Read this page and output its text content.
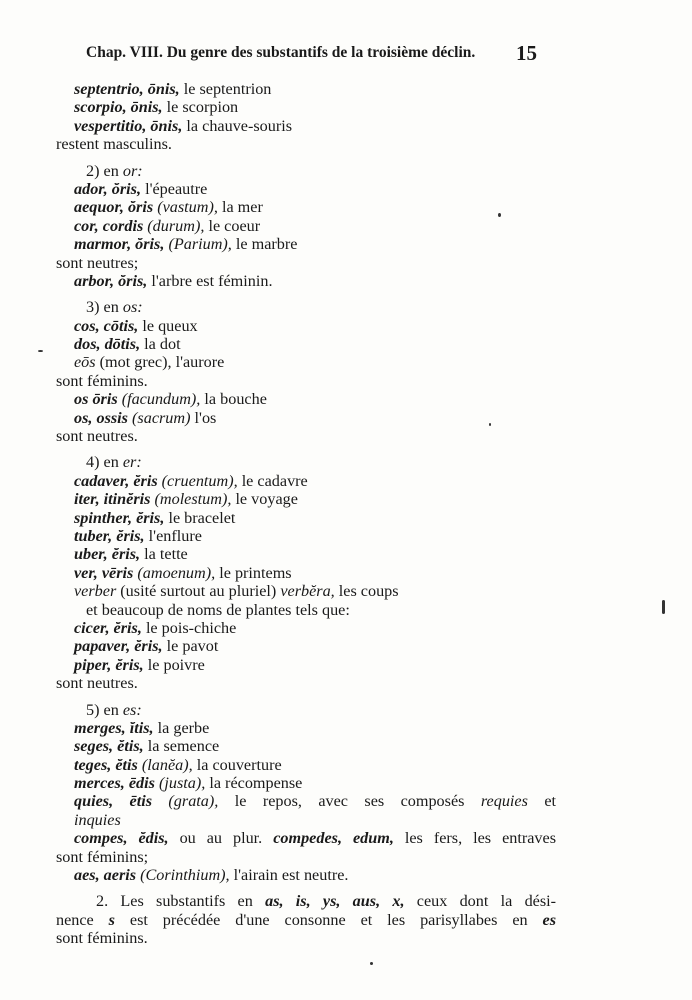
Chap. VIII. Du genre des substantifs de la troisième déclin. 15
septentrio, ōnis, le septentrion
scorpio, ōnis, le scorpion
vespertitio, ōnis, la chauve-souris
restent masculins.
2) en or:
ador, ŏris, l'épeautre
aequor, ŏris (vastum), la mer
cor, cordis (durum), le coeur
marmor, ŏris, (Parium), le marbre
sont neutres;
arbor, ŏris, l'arbre est féminin.
3) en os:
cos, cōtis, le queux
dos, dōtis, la dot
eōs (mot grec), l'aurore
sont féminins.
os ōris (facundum), la bouche
os, ossis (sacrum) l'os
sont neutres.
4) en er:
cadaver, ĕris (cruentum), le cadavre
iter, itinĕris (molestum), le voyage
spinther, ĕris, le bracelet
tuber, ĕris, l'enflure
uber, ĕris, la tette
ver, vēris (amoenum), le printems
verber (usité surtout au pluriel) verbĕra, les coups
et beaucoup de noms de plantes tels que:
cicer, ĕris, le pois-chiche
papaver, ĕris, le pavot
piper, ĕris, le poivre
sont neutres.
5) en es:
merges, ĭtis, la gerbe
seges, ĕtis, la semence
teges, ĕtis (lanĕa), la couverture
merces, ēdis (justa), la récompense
quies, ētis (grata), le repos, avec ses composés requies et
inquies
compes, ĕdis, ou au plur. compedes, edum, les fers, les entraves
sont féminins;
aes, aeris (Corinthium), l'airain est neutre.
2. Les substantifs en as, is, ys, aus, x, ceux dont la dési-
nence s est précédée d'une consonne et les parisyllabes en es
sont féminins.
